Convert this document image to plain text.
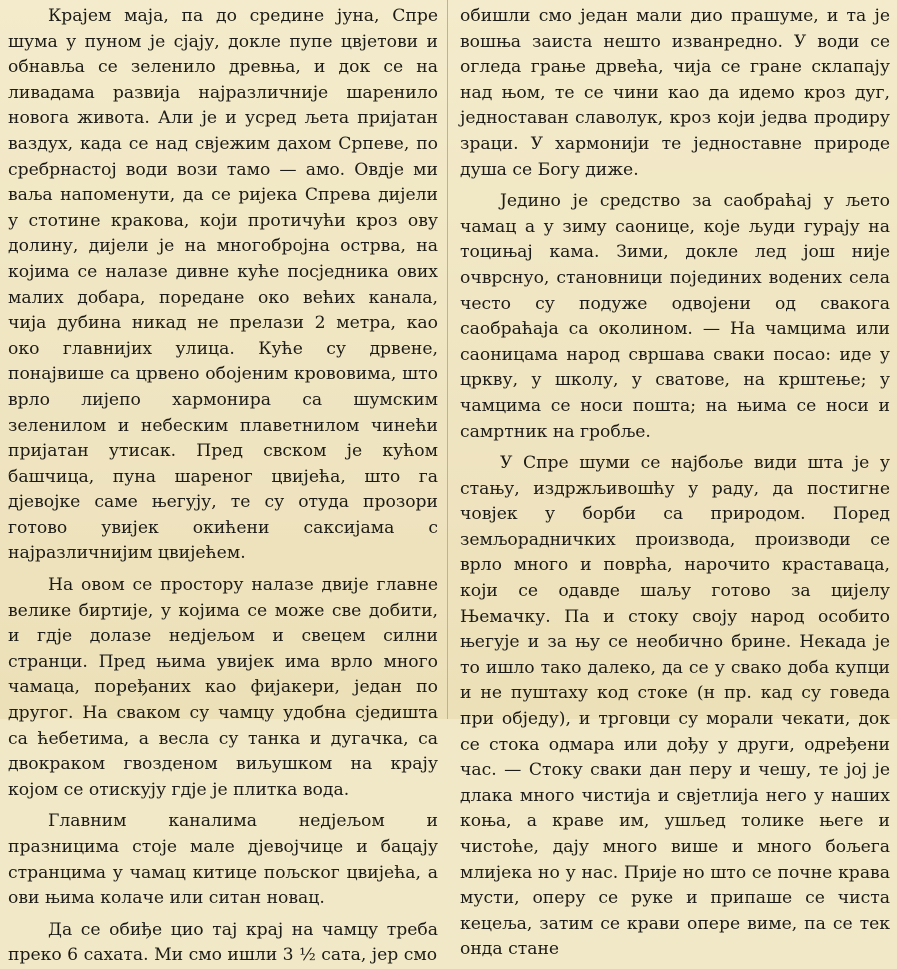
Крајем маја, па до средине јуна, Спре шума у пуном је сјају, докле пупе цвјетови и обнавља се зеленило древња, и док се на ливадама развија најразличније шаренило новога живота. Али је и усред љета пријатан ваздух, када се над свјежим дахом Српеве, по сребрнастој води вози тамо — амо. Овдје ми ваља напоменути, да се ријека Спрева дијели у стотине кракова, који протичући кроз ову долину, дијели је на многобројна острва, на којима се налазе дивне куће посједника ових малих добара, поредане око већих канала, чија дубина никад не прелази 2 метра, као око главнијих улица. Куће су дрвене, понајвише са црвено обојеним крововима, што врло лијепо хармонира са шумским зеленилом и небеским плаветнилом чинећи пријатан утисак. Пред свском је кућом башчица, пуна шареног цвијећа, што га дјевојке саме његују, те су отуда прозори готово увијек окићени саксијама с најразличнијим цвијећем.

На овом се простору налазе двије главне велике биртије, у којима се може све добити, и гдје долазе недјељом и свецем силни странци. Пред њима увијек има врло много чамаца, поређаних као фијакери, један по другог. На сваком су чамцу удобна сједишта са ћебетима, а весла су танка и дугачка, са двокраком гвозденом виљушком на крају којом се отискују гдје је плитка вода.

Главним каналима недјељом и празницима стоје мале дјевојчице и бацају странцима у чамац китице пољског цвијећа, а ови њима колаче или ситан новац.

Да се обиђе цио тај крај на чамцу треба преко 6 сахата. Ми смо ишли 3 ½ сата, јер смо

обишли смо један мали дио прашуме, и та је вошња заиста нешто изванредно. У води се огледа грање дрвећа, чија се гране склапају над њом, те се чини као да идемо кроз дуг, једноставан славолук, кроз који једва продиру зраци. У хармонији те једноставне природе душа се Богу диже.

Једино је средство за саобраћај у љето чамац а у зиму саонице, које људи гурају на тоцињај кама. Зими, докле лед још није очврснуо, становници појединих водених села често су подуже одвојени од свакога саобраћаја са околином. — На чамцима или саоницама народ свршава сваки посао: иде у цркву, у школу, у сватове, на крштење; у чамцима се носи пошта; на њима се носи и самртник на гробље.

У Спре шуми се најбоље види шта је у стању, издржљивошћу у раду, да постигне човјек у борби са природом. Поред земљорадничких производа, производи се врло много и поврћа, нарочито краставаца, који се одавде шаљу готово за цијелу Њемачку. Па и стоку своју народ особито његује и за њу се необично брине. Некада је то ишло тако далеко, да се у свако доба купци и не пуштаху код стоке (н пр. кад су говеда при обједу), и трговци су морали чекати, док се стока одмара или дођу у други, одређени час. — Стоку сваки дан перу и чешу, те јој је длака много чистија и свјетлија него у наших коња, а краве им, ушљед толике његе и чистоће, дају много више и много бољега млијека но у нас. Прије но што се почне крава мусти, оперу се руке и припаше се чиста кецеља, затим се крави опере виме, па се тек онда стане
